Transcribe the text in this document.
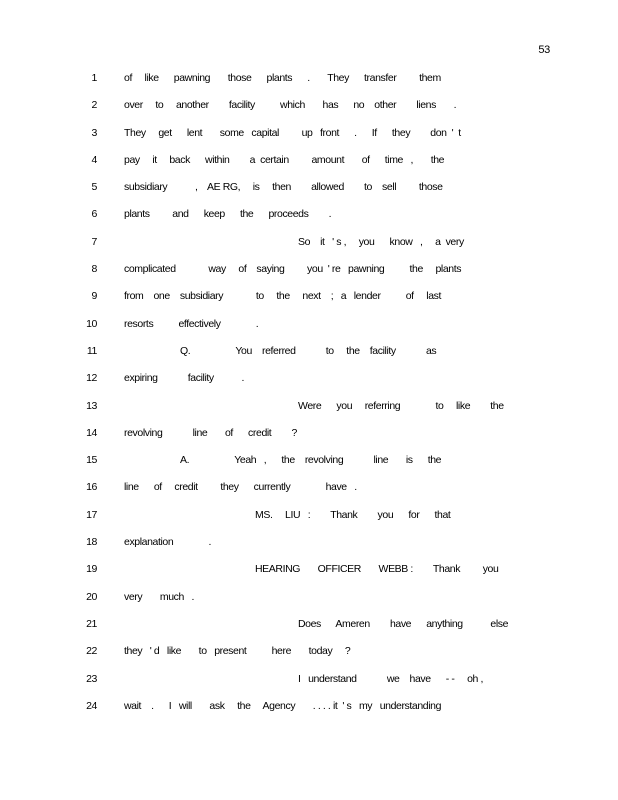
53
1	of     like      pawning       those      plants      .       They      transfer         them
2	over     to     another        facility          which       has      no    other        liens       .
3	They     get      lent       some   capital         up   front      .      If      they        don  '  t
4	pay     it     back      within        a  certain         amount       of      time   ,       the
5	subsidiary           ,    AE RG,     is     then        allowed        to    sell         those
6	plants         and      keep      the      proceeds        .
7	So    it   ' s ,     you      know   ,     a  very
8	complicated             way     of    saying         you  ' re   pawning          the     plants
9	from    one    subsidiary             to     the     next    ;   a   lender          of     last
10	resorts          effectively              .
11	Q.                  You    referred            to     the    facility            as
12	expiring            facility           .
13	Were      you     referring              to     like        the
14	revolving            line       of      credit        ?
15	A.                  Yeah   ,      the    revolving            line       is      the
16	line      of     credit         they      currently              have   .
17	MS.     LIU   :        Thank        you      for      that
18	explanation              .
19	HEARING       OFFICER       WEBB :        Thank         you
20	very       much   .
21	Does      Ameren        have      anything           else
22	they   ' d   like       to   present          here       today     ?
23	I   understand            we    have      - -     oh ,
24	wait    .      I   will       ask     the     Agency       . . . . it  ' s   my   understanding
